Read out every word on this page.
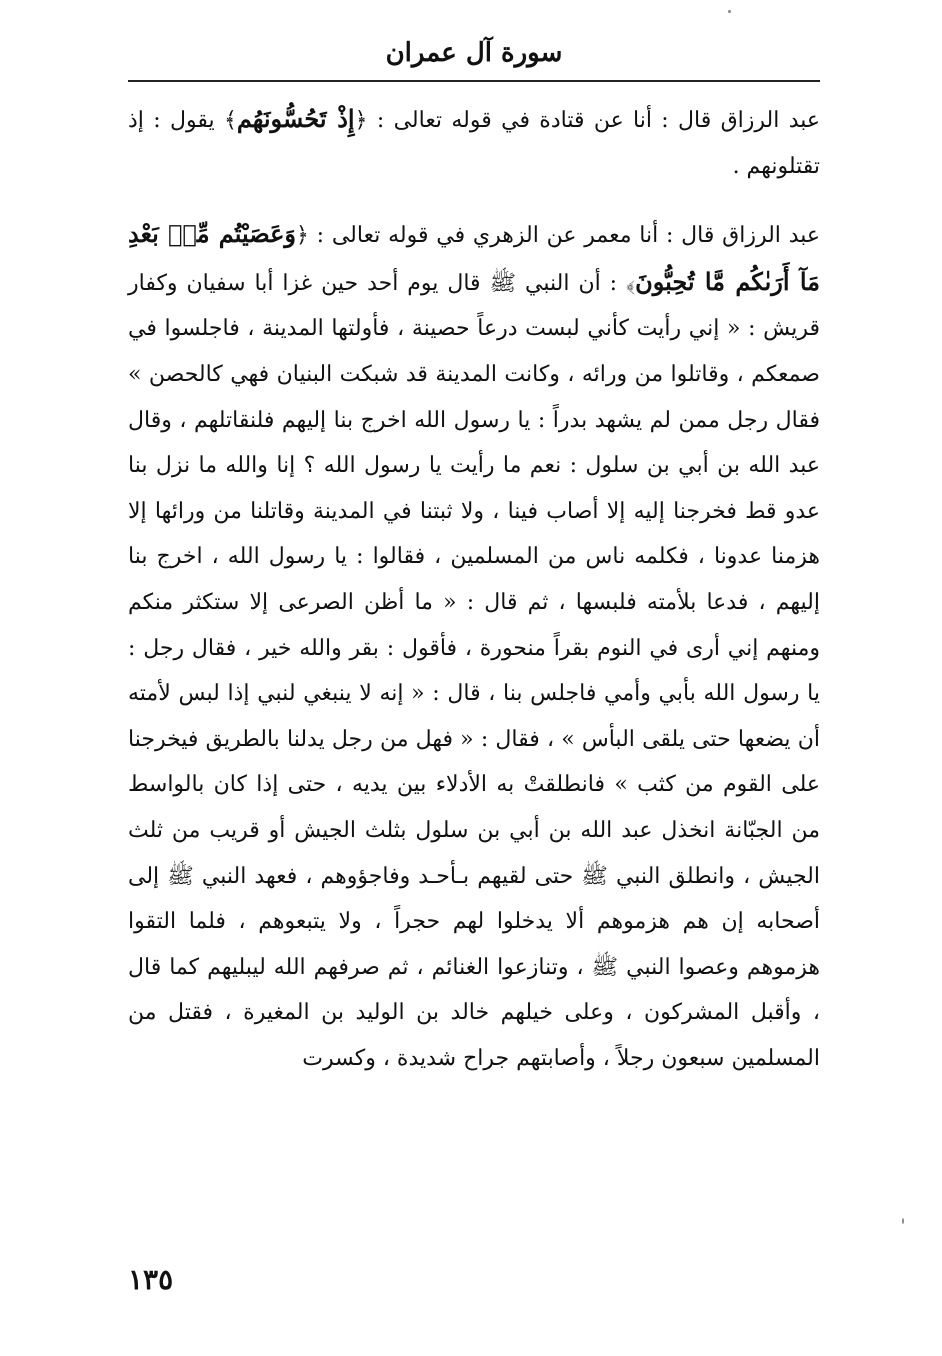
سورة آل عمران

عبد الرزاق قال : أنا عن قتادة في قوله تعالى : ﴿إِذْ تَحُسُّونَهُم﴾ يقول : إذ تقتلونهم .

عبد الرزاق قال : أنا معمر عن الزهري في قوله تعالى : ﴿وَعَصَيْتُم مِّنۢ بَعْدِ مَآ أَرَىٰكُم مَّا تُحِبُّونَ﴾ : أن النبي ﷺ قال يوم أحد حين غزا أبا سفيان وكفار قريش : « إني رأيت كأني لبست درعاً حصينة ، فأولتها المدينة ، فاجلسوا في صمعكم ، وقاتلوا من ورائه ، وكانت المدينة قد شبكت البنيان فهي كالحصن » فقال رجل ممن لم يشهد بدراً : يا رسول الله اخرج بنا إليهم فلنقاتلهم ، وقال عبد الله بن أبي بن سلول : نعم ما رأيت يا رسول الله ؟ إنا والله ما نزل بنا عدو قط فخرجنا إليه إلا أصاب فينا ، ولا ثبتنا في المدينة وقاتلنا من ورائها إلا هزمنا عدونا ، فكلمه ناس من المسلمين ، فقالوا : يا رسول الله ، اخرج بنا إليهم ، فدعا بلأمته فلبسها ، ثم قال : « ما أظن الصرعى إلا ستكثر منكم ومنهم إني أرى في النوم بقراً منحورة ، فأقول : بقر والله خير ، فقال رجل : يا رسول الله بأبي وأمي فاجلس بنا ، قال : « إنه لا ينبغي لنبي إذا لبس لأمته أن يضعها حتى يلقى البأس » ، فقال : « فهل من رجل يدلنا بالطريق فيخرجنا على القوم من كثب » فانطلقتْ به الأدلاء بين يديه ، حتى إذا كان بالواسط من الجبّانة انخذل عبد الله بن أبي بن سلول بثلث الجيش أو قريب من ثلث الجيش ، وانطلق النبي ﷺ حتى لقيهم بـأحـد وفاجؤوهم ، فعهد النبي ﷺ إلى أصحابه إن هم هزموهم ألا يدخلوا لهم حجراً ، ولا يتبعوهم ، فلما التقوا هزموهم وعصوا النبي ﷺ ، وتنازعوا الغنائم ، ثم صرفهم الله ليبليهم كما قال ، وأقبل المشركون ، وعلى خيلهم خالد بن الوليد بن المغيرة ، فقتل من المسلمين سبعون رجلاً ، وأصابتهم جراح شديدة ، وكسرت

١٣٥
